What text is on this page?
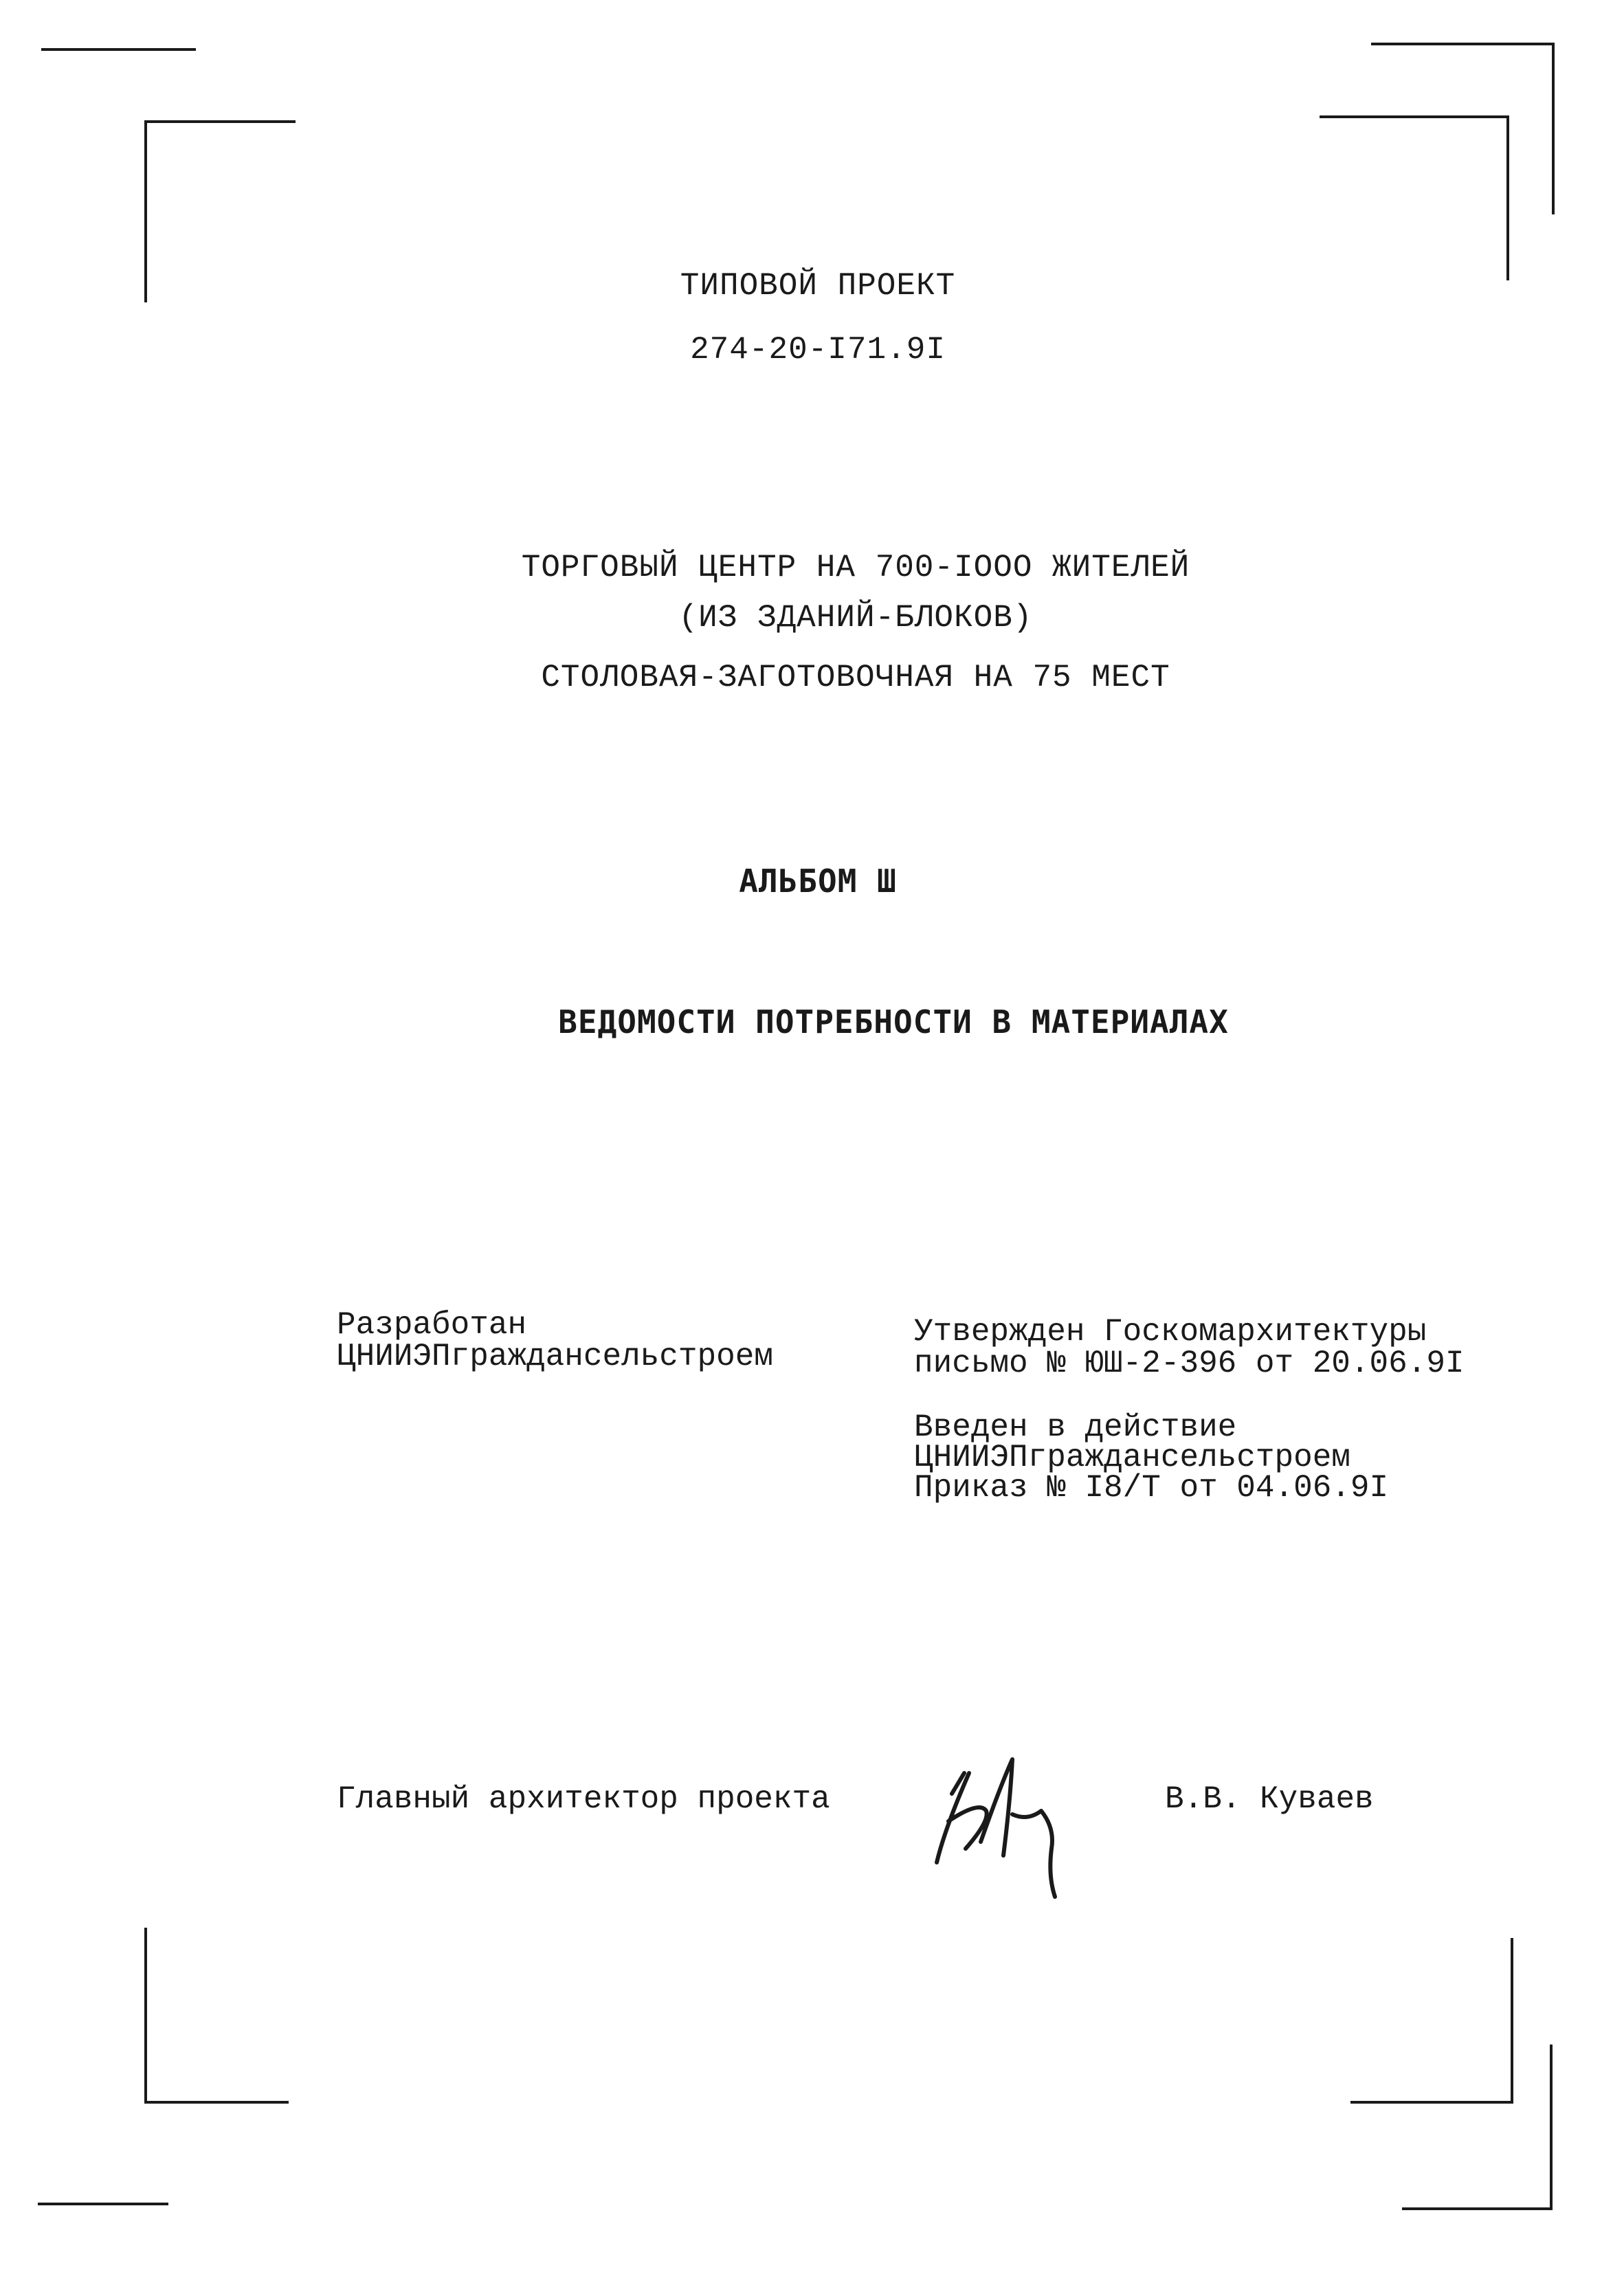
ТИПОВОЙ ПРОЕКТ
274-20-I71.9I
ТОРГОВЫЙ ЦЕНТР НА 700-IOOO ЖИТЕЛЕЙ
(ИЗ ЗДАНИЙ-БЛОКОВ)
СТОЛОВАЯ-ЗАГОТОВОЧНАЯ НА 75 МЕСТ
АЛЬБОМ Ш
ВЕДОМОСТИ ПОТРЕБНОСТИ В МАТЕРИАЛАХ
Разработан
ЦНИИЭПграждансельстроем
Утвержден Госкомархитектуры
письмо № ЮШ-2-396 от 20.06.9I
Введен в действие
ЦНИИЭПграждансельстроем
Приказ № I8/Т от 04.06.9I
Главный архитектор проекта	В.В. Куваев
